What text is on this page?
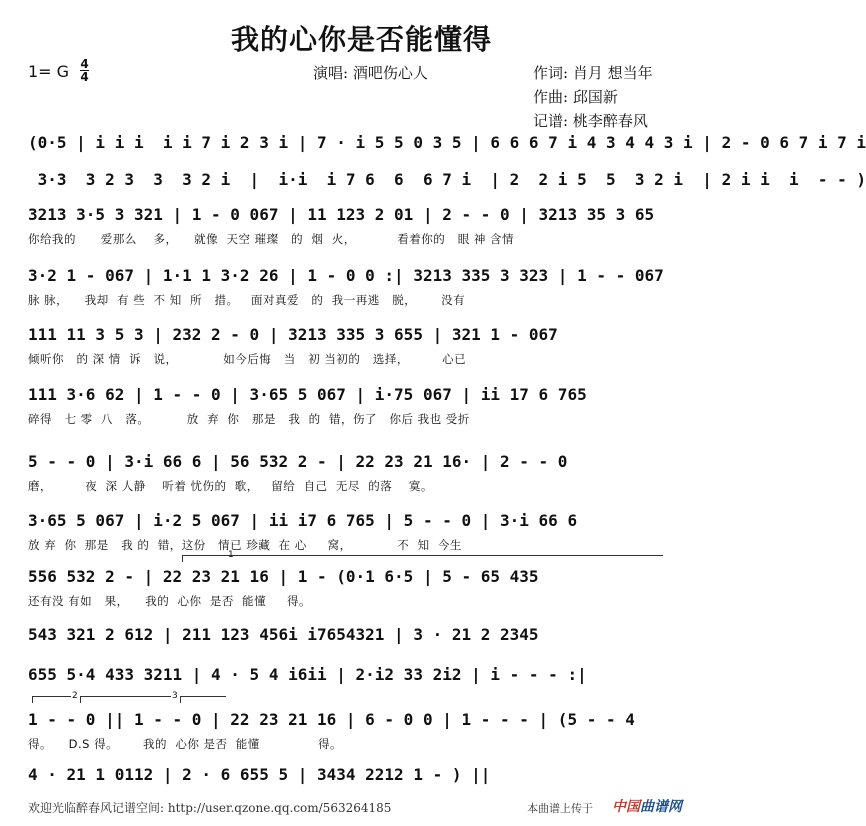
我的心你是否能懂得
1= G 4
4	演唱: 酒吧伤心人	作词: 肖月 想当年
作曲: 邱国新
记谱: 桃李醉春风
(0·5 | i i i  i i 7 i 2 3 i | 7 · i 5 5 0 3 5 | 6 6 6 7 i 4 3 4 4 3 i | 2 - 0 6 7 i 7 i
3·3  3 2 3  3  3 2 i  |  i·i  i 7 6  6  6 7 i  | 2  2 i 5  5  3 2 i  | 2 i i  i  - - )
3213 3·5 3 321 | 1 - 0 067 | 11 123 2 01 | 2 - - 0 | 3213 35 3 65
你给我的      爱那么    多，    就像  天空 璀璨   的  烟  火，          看着你的   眼 神 含情
3·2 1 - 067 | 1·1 1 3·2 26 | 1 - 0 0 :| 3213 335 3 323 | 1 - - 067
脉 脉，    我却  有 些  不 知  所   措。   面对真爱   的  我一再逃   脱，      没有
111 11 3 5 3 | 232 2 - 0 | 3213 335 3 655 | 321 1 - 067
倾听你   的 深 情  诉   说，           如今后悔   当   初 当初的   选择，        心已
111 3·6 62 | 1 - - 0 | 3·65 5 067 | i·75 067 | ii 17 6 765
碎得   七 零  八   落。         放  弃  你   那是   我  的  错，伤了   你后 我也 受折
5 - - 0 | 3·i 66 6 | 56 532 2 - | 22 23 21 16· | 2 - - 0
磨，        夜  深 人静    听着 忧伤的  歌，   留给  自己  无尽  的落    寞。
3·65 5 067 | i·2 5 067 | ii i7 6 765 | 5 - - 0 | 3·i 66 6
放 弃  你  那是   我 的  错，这份   情已 珍藏  在 心     窝，           不  知  今生
556 532 2 - | 22 23 21 16 | 1 - (0·1 6·5 | 5 - 65 435
还有没 有如   果，    我的  心你  是否  能懂     得。
543 321 2 612 | 211 123 456i i7654321 | 3 · 21 2 2345
655 5·4 433 3211 | 4 · 5 4 i6ii | 2·i2 33 2i2 | i - - - :|
1 - - 0 || 1 - - 0 | 22 23 21 16 | 6 - 0 0 | 1 - - - | (5 - - 4
得。    D.S 得。      我的  心你 是否  能懂              得。
4 · 21 1 0112 | 2 · 6 655 5 | 3434 2212 1 - ) ||
1
2	3
欢迎光临醉春风记谱空间: http://user.qzone.qq.com/563264185	本曲谱上传于 中国曲谱网
